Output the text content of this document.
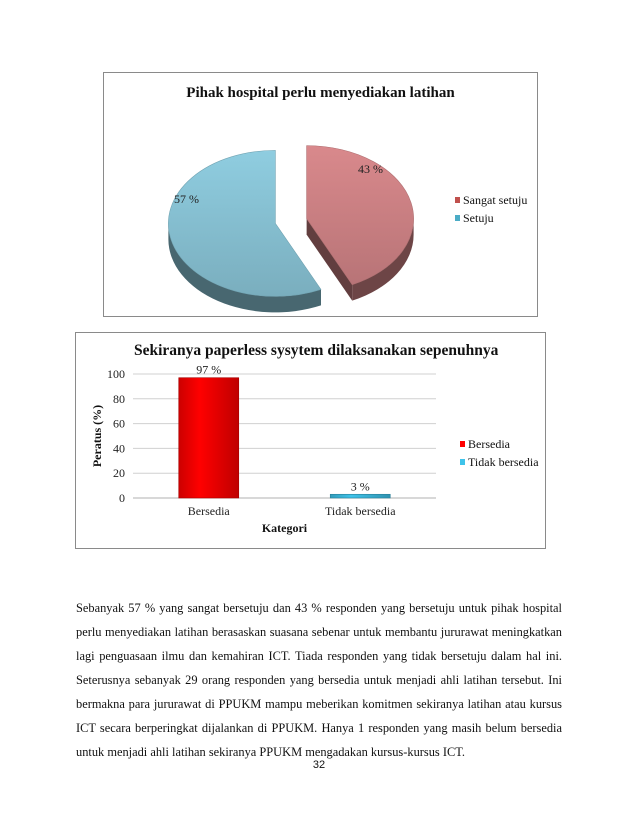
Pihak hospital perlu menyediakan latihan
43 %
57 %	Sangat setuju
Setuju
Sekiranya paperless sysytem dilaksanakan sepenuhnya
0
20
40
60
80
100	97 %
Bersedia
3 %
Tidak bersedia
Kategori
Peratus (%)	Bersedia
Tidak bersedia

Sebanyak 57 % yang sangat bersetuju dan 43 % responden yang bersetuju untuk pihak hospital perlu menyediakan latihan berasaskan suasana sebenar untuk membantu jururawat meningkatkan lagi penguasaan ilmu dan kemahiran ICT. Tiada responden yang tidak bersetuju dalam hal ini. Seterusnya sebanyak 29 orang responden yang bersedia untuk menjadi ahli latihan tersebut. Ini bermakna para jururawat di PPUKM mampu meberikan komitmen sekiranya latihan atau kursus ICT secara berperingkat dijalankan di PPUKM. Hanya 1 responden yang masih belum bersedia untuk menjadi ahli latihan sekiranya PPUKM mengadakan kursus-kursus ICT.

32
